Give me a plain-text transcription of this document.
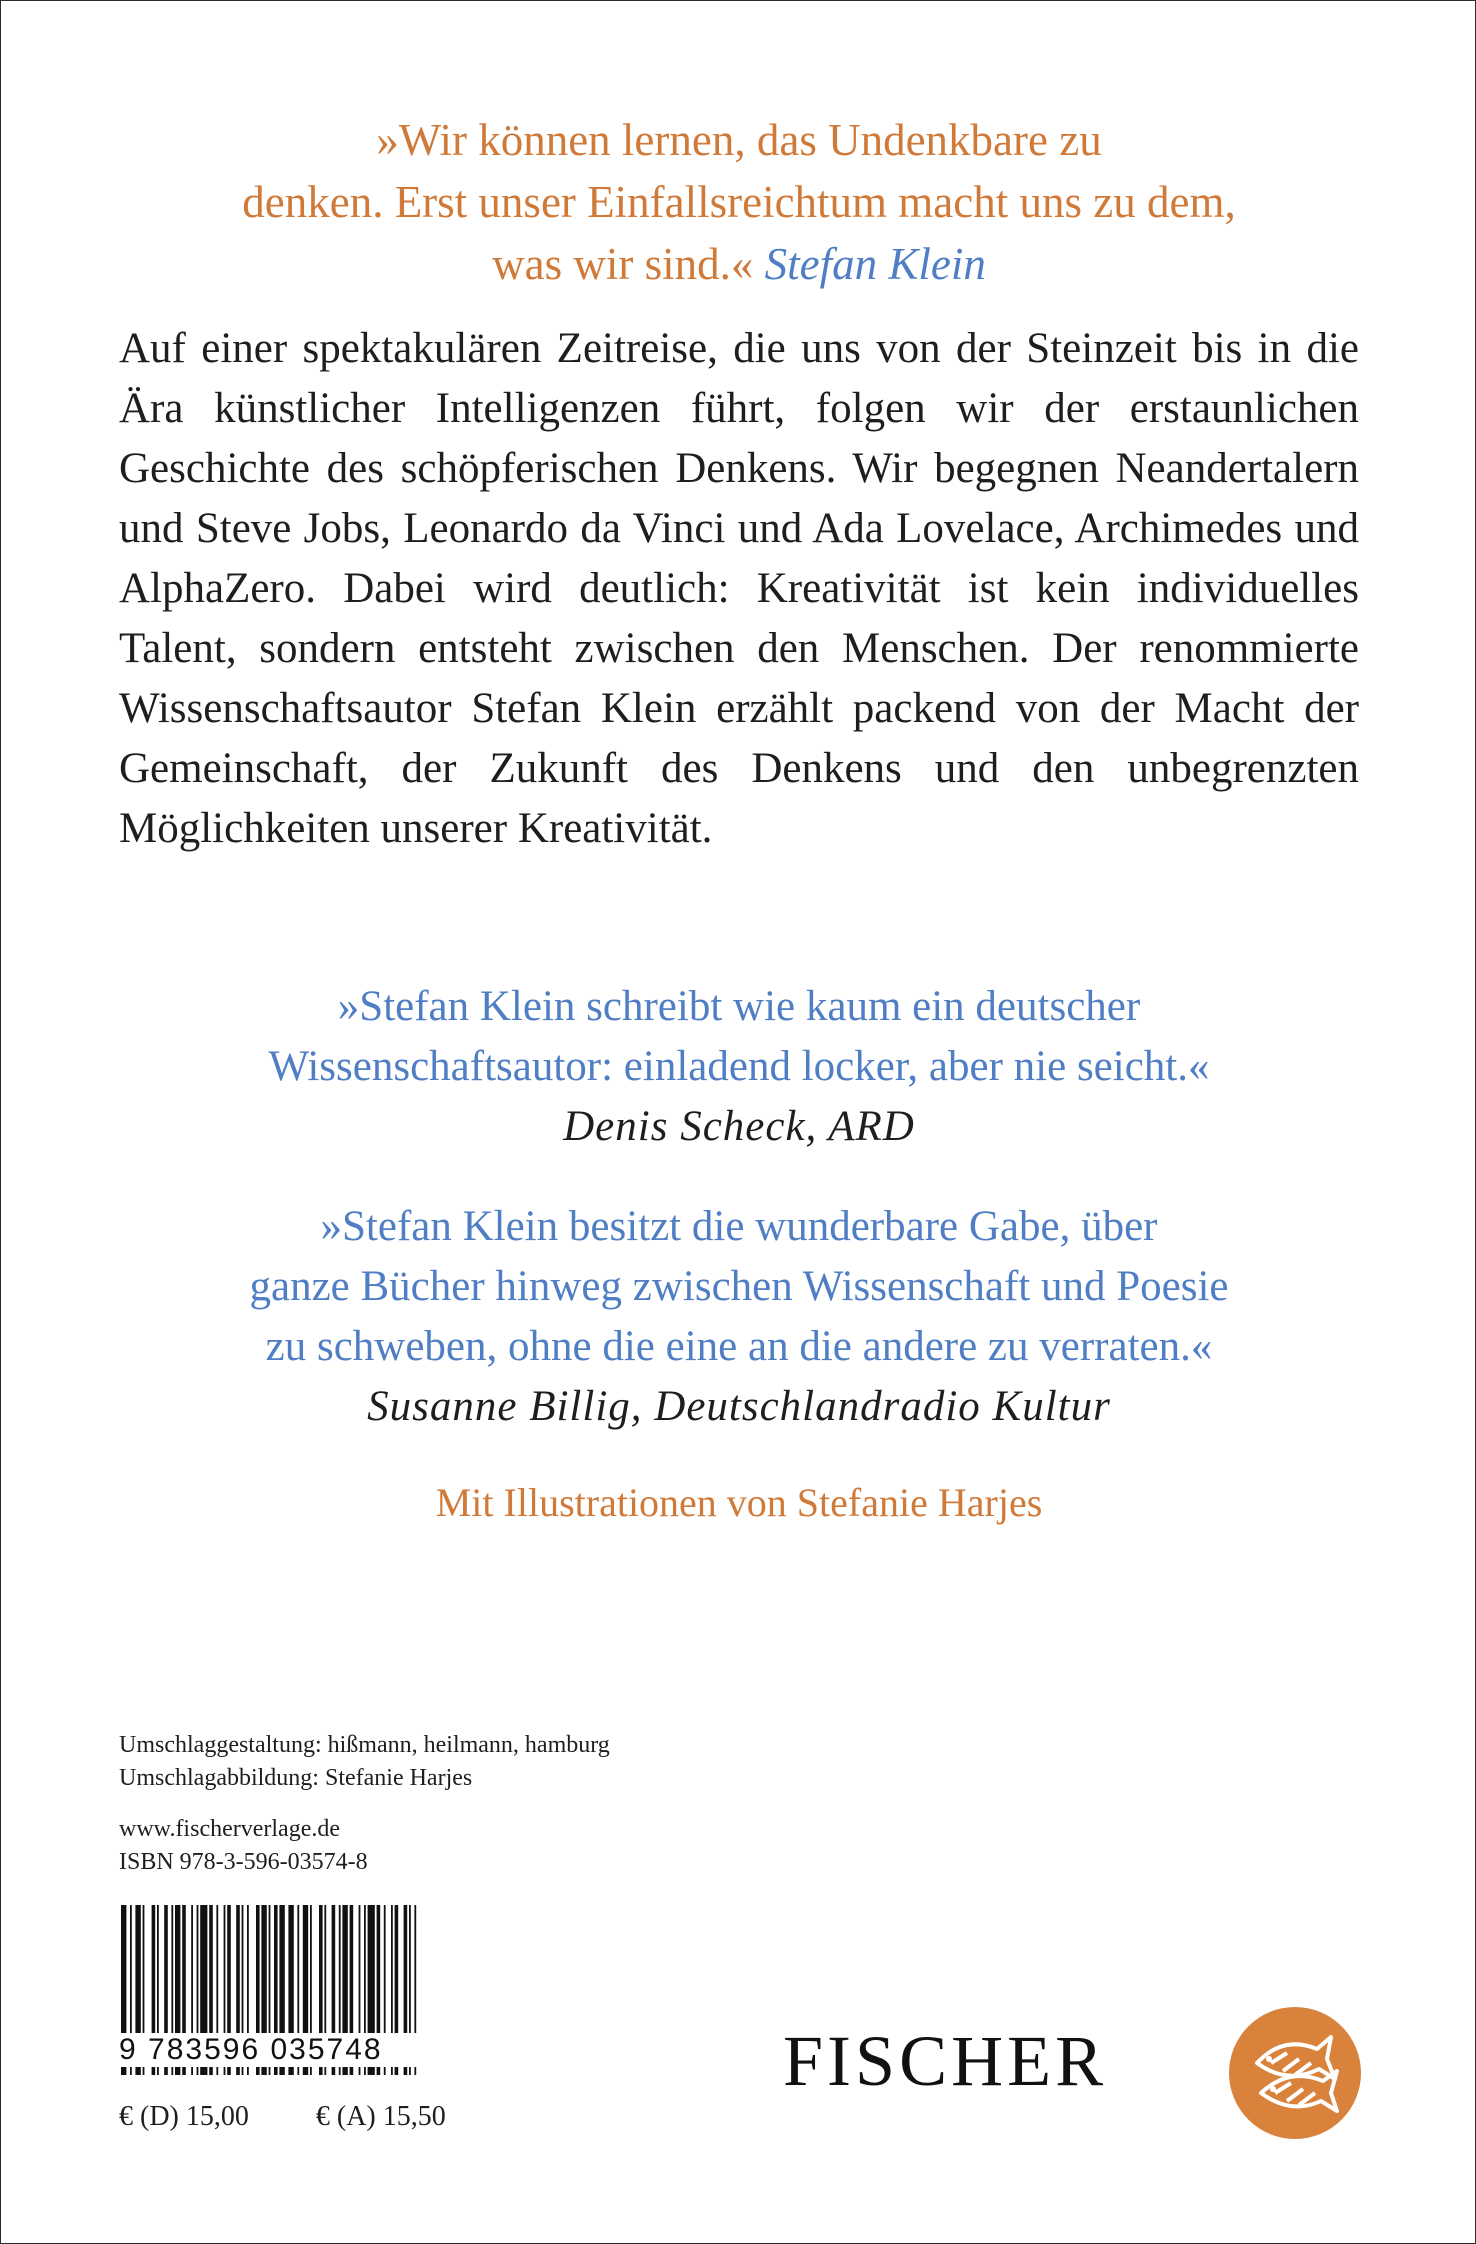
»Wir können lernen, das Undenkbare zu
denken. Erst unser Einfallsreichtum macht uns zu dem,
was wir sind.« Stefan Klein

Auf einer spektakulären Zeitreise, die uns von der Steinzeit bis in die Ära künstlicher Intelligenzen führt, folgen wir der erstaunlichen Geschichte des schöpferischen Denkens. Wir begegnen Neandertalern und Steve Jobs, Leonardo da Vinci und Ada Lovelace, Archimedes und AlphaZero. Dabei wird deutlich: Kreativität ist kein individuelles Talent, sondern entsteht zwischen den Menschen. Der renommierte Wissenschaftsautor Stefan Klein erzählt packend von der Macht der Gemeinschaft, der Zukunft des Denkens und den unbegrenzten Möglichkeiten unserer Kreativität.

»Stefan Klein schreibt wie kaum ein deutscher
Wissenschaftsautor: einladend locker, aber nie seicht.«
Denis Scheck, ARD
»Stefan Klein besitzt die wunderbare Gabe, über
ganze Bücher hinweg zwischen Wissenschaft und Poesie
zu schweben, ohne die eine an die andere zu verraten.«
Susanne Billig, Deutschlandradio Kultur
Mit Illustrationen von Stefanie Harjes
Umschlaggestaltung: hißmann, heilmann, hamburg
Umschlagabbildung: Stefanie Harjes
www.fischerverlage.de
ISBN 978-3-596-03574-8
9 783596 035748
€ (D) 15,00 € (A) 15,50
FISCHER
